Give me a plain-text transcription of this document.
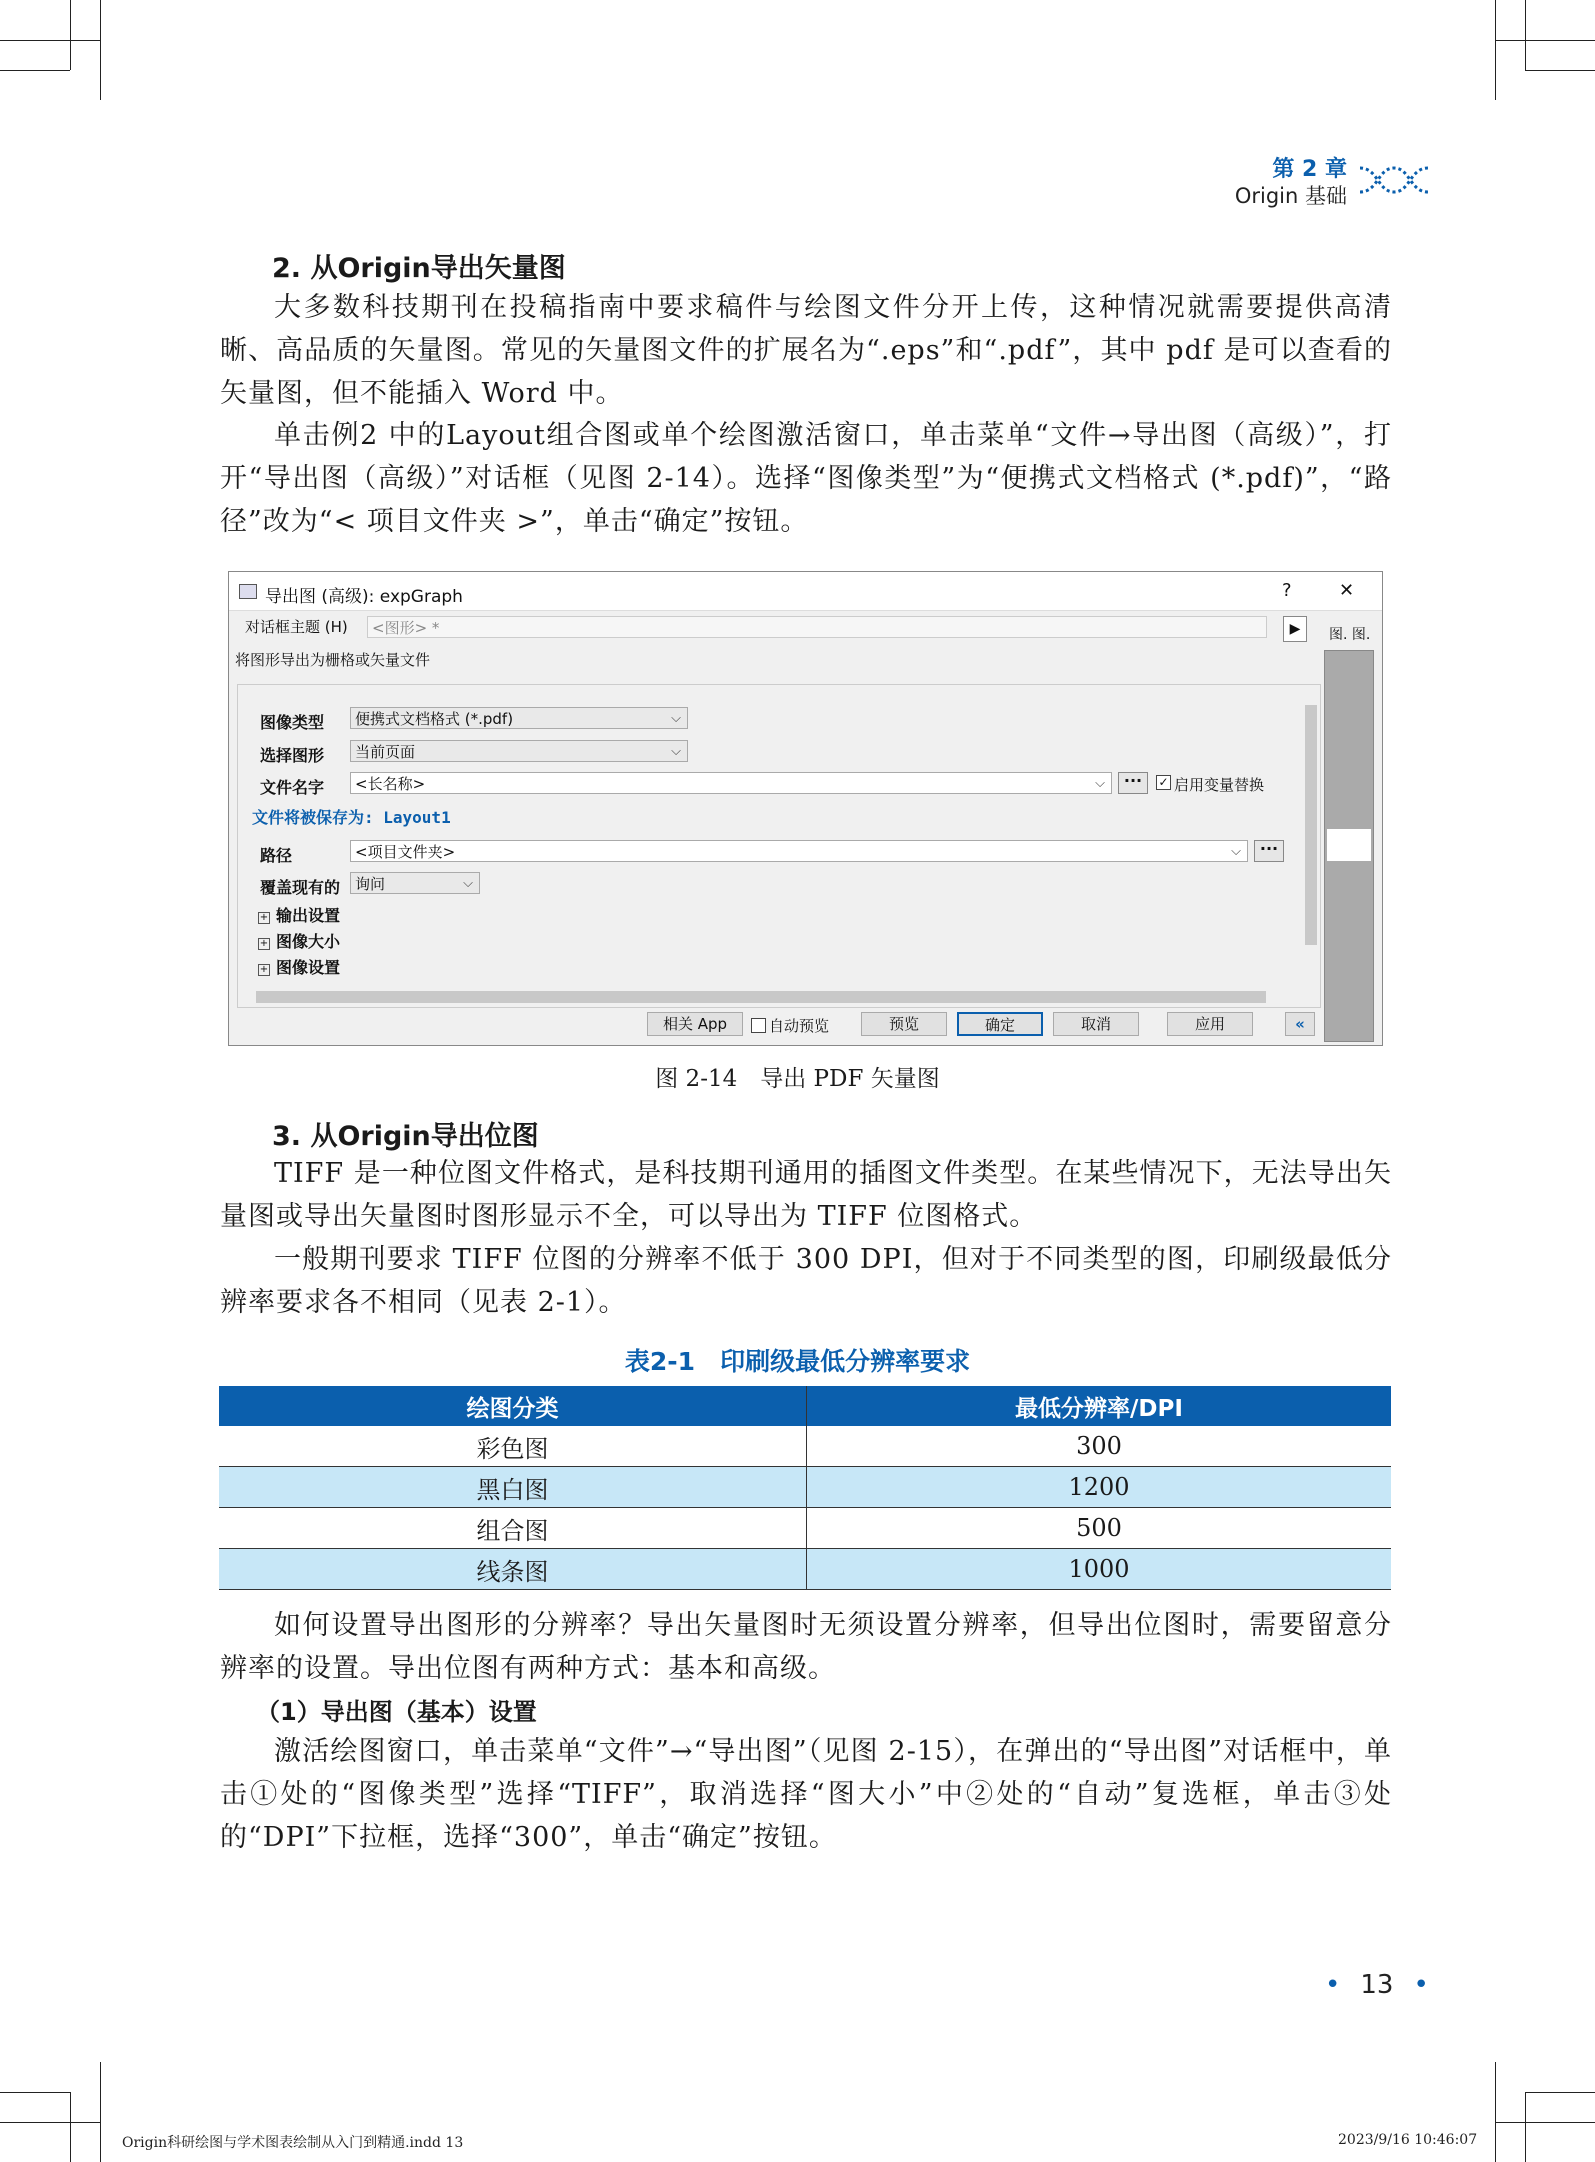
第 2 章
Origin 基础
2. 从Origin导出矢量图
大多数科技期刊在投稿指南中要求稿件与绘图文件分开上传，这种情况就需要提供高清晰、高品质的矢量图。常见的矢量图文件的扩展名为“.eps”和“.pdf”，其中 pdf 是可以查看的矢量图，但不能插入 Word 中。
单击例2 中的Layout组合图或单个绘图激活窗口，单击菜单“文件→导出图（高级）”，打开“导出图（高级）”对话框（见图 2-14）。选择“图像类型”为“便携式文档格式 (*.pdf)”，“路径”改为“< 项目文件夹 >”，单击“确定”按钮。
导出图 (高级): expGraph	?	✕
对话框主题 (H)	<图形> *	▶	图. 图.
将图形导出为栅格或矢量文件
图像类型	便携式文档格式 (*.pdf)	⌵
选择图形	当前页面	⌵
文件名字	<长名称>	⌵	···	✓ 启用变量替换
文件将被保存为: Layout1
路径	<项目文件夹>	⌵	···
覆盖现有的 询问	⌵
+ 输出设置
+ 图像大小
+ 图像设置
相关 App	自动预览	预览	确定	取消	应用	«
图 2-14　导出 PDF 矢量图
3. 从Origin导出位图
TIFF 是一种位图文件格式，是科技期刊通用的插图文件类型。在某些情况下，无法导出矢量图或导出矢量图时图形显示不全，可以导出为 TIFF 位图格式。
一般期刊要求 TIFF 位图的分辨率不低于 300 DPI，但对于不同类型的图，印刷级最低分辨率要求各不相同（见表 2-1）。
表2-1　印刷级最低分辨率要求
绘图分类	最低分辨率/DPI
彩色图	300
黑白图	1200
组合图	500
线条图	1000
如何设置导出图形的分辨率？导出矢量图时无须设置分辨率，但导出位图时，需要留意分辨率的设置。导出位图有两种方式：基本和高级。
（1）导出图（基本）设置
激活绘图窗口，单击菜单“文件”→“导出图”（见图 2-15），在弹出的“导出图”对话框中，单击①处的“图像类型”选择“TIFF”，取消选择“图大小”中②处的“自动”复选框，单击③处的“DPI”下拉框，选择“300”，单击“确定”按钮。
• 13 •
Origin科研绘图与学术图表绘制从入门到精通.indd 13	2023/9/16 10:46:07
